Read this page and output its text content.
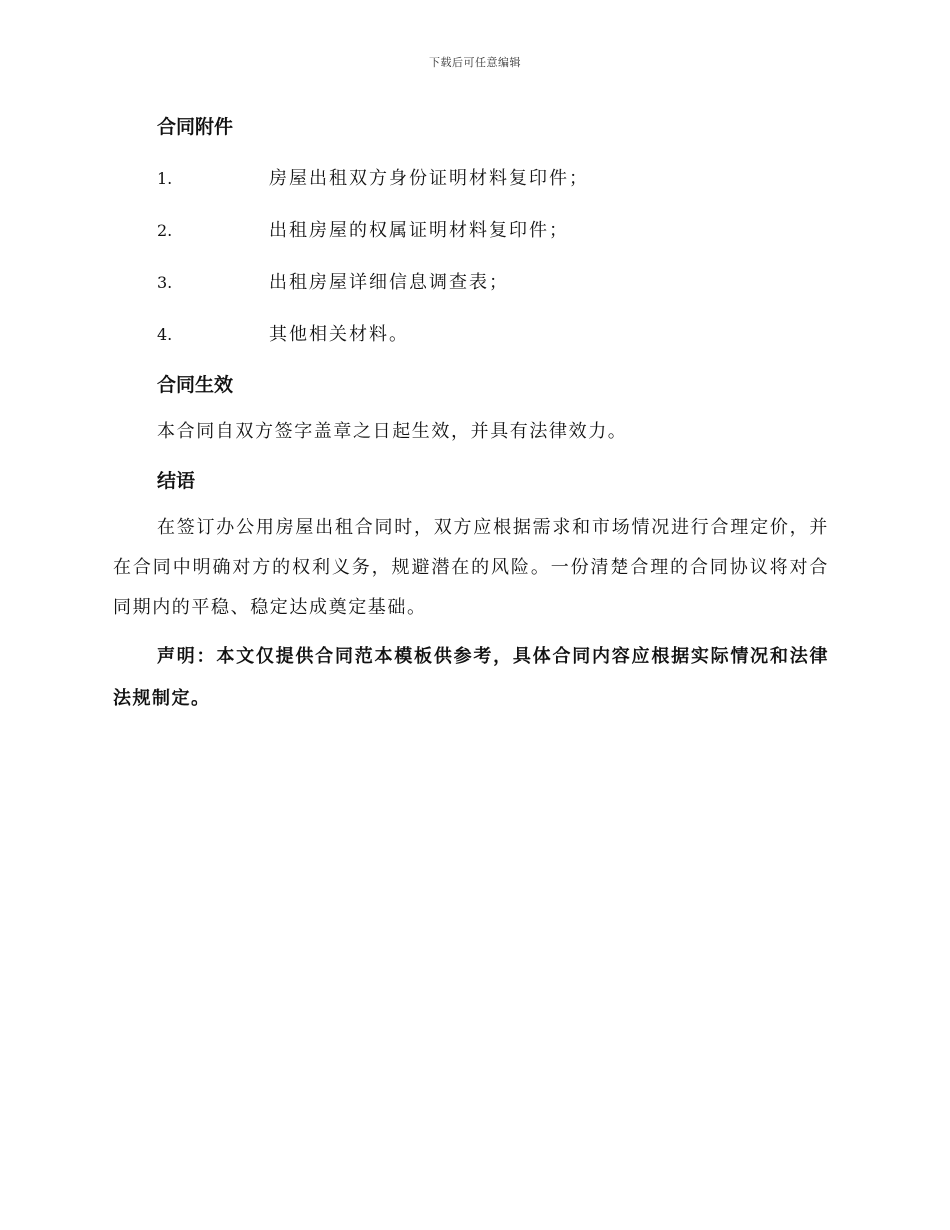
下载后可任意编辑
合同附件
1.	房屋出租双方身份证明材料复印件；
2.	出租房屋的权属证明材料复印件；
3.	出租房屋详细信息调查表；
4.	其他相关材料。
合同生效

本合同自双方签字盖章之日起生效，并具有法律效力。

结语

在签订办公用房屋出租合同时，双方应根据需求和市场情况进行合理定价，并在合同中明确对方的权利义务，规避潜在的风险。一份清楚合理的合同协议将对合同期内的平稳、稳定达成奠定基础。

声明：本文仅提供合同范本模板供参考，具体合同内容应根据实际情况和法律法规制定。
